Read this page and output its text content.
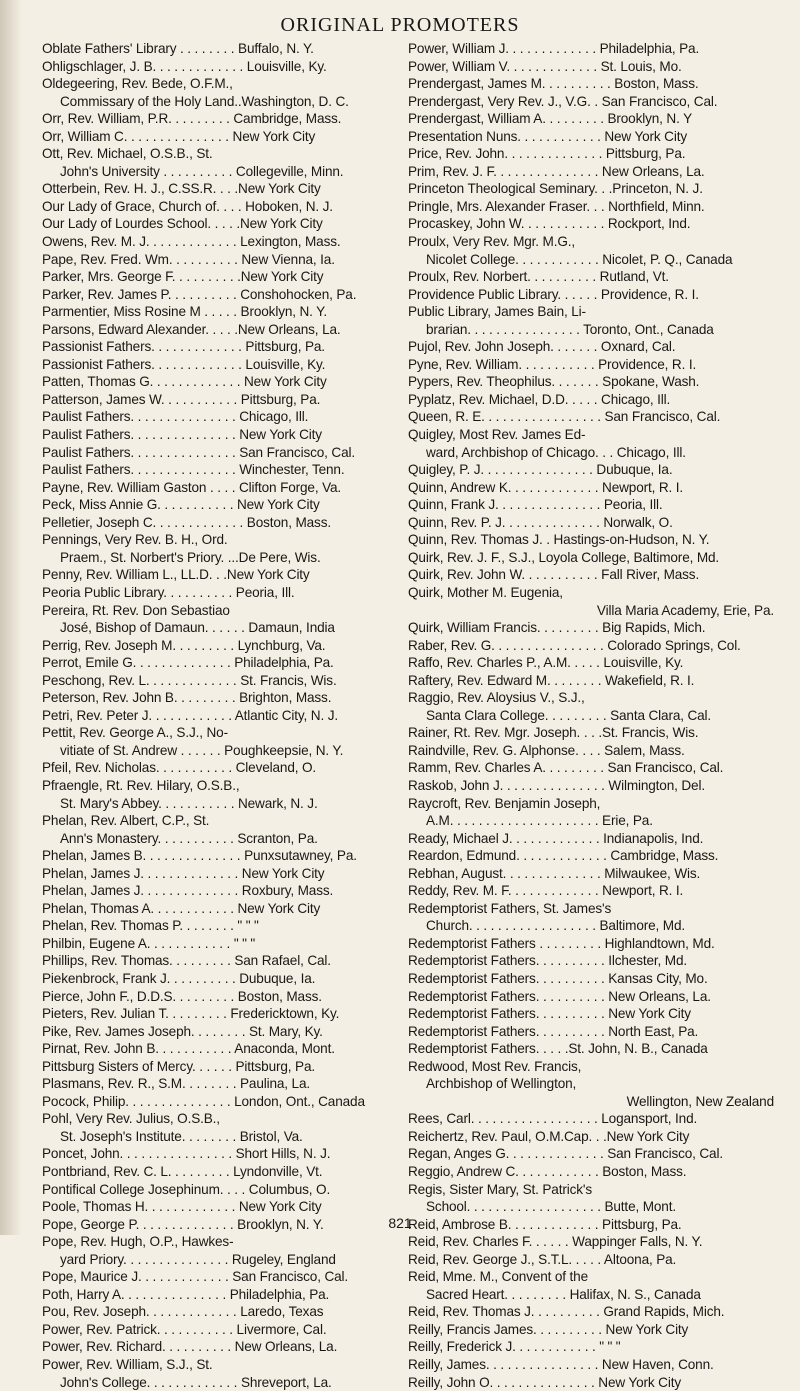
ORIGINAL PROMOTERS
Oblate Fathers' Library . . . . . . . . Buffalo, N. Y.
Ohligschlager, J. B. . . . . . . . . . . . . Louisville, Ky.
Oldegeering, Rev. Bede, O.F.M.,
Commissary of the Holy Land..Washington, D. C.
Orr, Rev. William, P.R. . . . . . . . . Cambridge, Mass.
Orr, William C. . . . . . . . . . . . . . . New York City
Ott, Rev. Michael, O.S.B., St.
John's University . . . . . . . . . . Collegeville, Minn.
Otterbein, Rev. H. J., C.SS.R. . . .New York City
Our Lady of Grace, Church of. . . . Hoboken, N. J.
Our Lady of Lourdes School. . . . .New York City
Owens, Rev. M. J. . . . . . . . . . . . . Lexington, Mass.
Pape, Rev. Fred. Wm. . . . . . . . . . New Vienna, Ia.
Parker, Mrs. George F. . . . . . . . . .New York City
Parker, Rev. James P. . . . . . . . . . Conshohocken, Pa.
Parmentier, Miss Rosine M . . . . . Brooklyn, N. Y.
Parsons, Edward Alexander. . . . .New Orleans, La.
Passionist Fathers. . . . . . . . . . . . . Pittsburg, Pa.
Passionist Fathers. . . . . . . . . . . . . Louisville, Ky.
Patten, Thomas G. . . . . . . . . . . . . New York City
Patterson, James W. . . . . . . . . . . Pittsburg, Pa.
Paulist Fathers. . . . . . . . . . . . . . . Chicago, Ill.
Paulist Fathers. . . . . . . . . . . . . . . New York City
Paulist Fathers. . . . . . . . . . . . . . . San Francisco, Cal.
Paulist Fathers. . . . . . . . . . . . . . . Winchester, Tenn.
Payne, Rev. William Gaston . . . . Clifton Forge, Va.
Peck, Miss Annie G. . . . . . . . . . . New York City
Pelletier, Joseph C. . . . . . . . . . . . . Boston, Mass.
Pennings, Very Rev. B. H., Ord.
Praem., St. Norbert's Priory. ...De Pere, Wis.
Penny, Rev. William L., LL.D. . .New York City
Peoria Public Library. . . . . . . . . . Peoria, Ill.
Pereira, Rt. Rev. Don Sebastiao
José, Bishop of Damaun. . . . . . Damaun, India
Perrig, Rev. Joseph M. . . . . . . . . Lynchburg, Va.
Perrot, Emile G. . . . . . . . . . . . . . Philadelphia, Pa.
Peschong, Rev. L. . . . . . . . . . . . . St. Francis, Wis.
Peterson, Rev. John B. . . . . . . . . Brighton, Mass.
Petri, Rev. Peter J. . . . . . . . . . . . Atlantic City, N. J.
Pettit, Rev. George A., S.J., No-
vitiate of St. Andrew . . . . . . Poughkeepsie, N. Y.
Pfeil, Rev. Nicholas. . . . . . . . . . . Cleveland, O.
Pfraengle, Rt. Rev. Hilary, O.S.B.,
St. Mary's Abbey. . . . . . . . . . . Newark, N. J.
Phelan, Rev. Albert, C.P., St.
Ann's Monastery. . . . . . . . . . . Scranton, Pa.
Phelan, James B. . . . . . . . . . . . . . Punxsutawney, Pa.
Phelan, James J. . . . . . . . . . . . . . New York City
Phelan, James J. . . . . . . . . . . . . . Roxbury, Mass.
Phelan, Thomas A. . . . . . . . . . . . New York City
Phelan, Rev. Thomas P. . . . . . . . " " "
Philbin, Eugene A. . . . . . . . . . . . " " "
Phillips, Rev. Thomas. . . . . . . . . San Rafael, Cal.
Piekenbrock, Frank J. . . . . . . . . . Dubuque, Ia.
Pierce, John F., D.D.S. . . . . . . . . Boston, Mass.
Pieters, Rev. Julian T. . . . . . . . . Fredericktown, Ky.
Pike, Rev. James Joseph. . . . . . . . St. Mary, Ky.
Pirnat, Rev. John B. . . . . . . . . . . Anaconda, Mont.
Pittsburg Sisters of Mercy. . . . . . Pittsburg, Pa.
Plasmans, Rev. R., S.M. . . . . . . . Paulina, La.
Pocock, Philip. . . . . . . . . . . . . . . London, Ont., Canada
Pohl, Very Rev. Julius, O.S.B.,
St. Joseph's Institute. . . . . . . . Bristol, Va.
Poncet, John. . . . . . . . . . . . . . . . Short Hills, N. J.
Pontbriand, Rev. C. L. . . . . . . . . Lyndonville, Vt.
Pontifical College Josephinum. . . . Columbus, O.
Poole, Thomas H. . . . . . . . . . . . . New York City
Pope, George P. . . . . . . . . . . . . . Brooklyn, N. Y.
Pope, Rev. Hugh, O.P., Hawkes-
yard Priory. . . . . . . . . . . . . . . Rugeley, England
Pope, Maurice J. . . . . . . . . . . . . San Francisco, Cal.
Poth, Harry A. . . . . . . . . . . . . . . Philadelphia, Pa.
Pou, Rev. Joseph. . . . . . . . . . . . . Laredo, Texas
Power, Rev. Patrick. . . . . . . . . . . Livermore, Cal.
Power, Rev. Richard. . . . . . . . . . New Orleans, La.
Power, Rev. William, S.J., St.
John's College. . . . . . . . . . . . . Shreveport, La.
Power, William J. . . . . . . . . . . . . Philadelphia, Pa.
Power, William V. . . . . . . . . . . . . St. Louis, Mo.
Prendergast, James M. . . . . . . . . . Boston, Mass.
Prendergast, Very Rev. J., V.G. . San Francisco, Cal.
Prendergast, William A. . . . . . . . . Brooklyn, N. Y
Presentation Nuns. . . . . . . . . . . . New York City
Price, Rev. John. . . . . . . . . . . . . . Pittsburg, Pa.
Prim, Rev. J. F. . . . . . . . . . . . . . . New Orleans, La.
Princeton Theological Seminary. . .Princeton, N. J.
Pringle, Mrs. Alexander Fraser. . . Northfield, Minn.
Procaskey, John W. . . . . . . . . . . . Rockport, Ind.
Proulx, Very Rev. Mgr. M.G.,
Nicolet College. . . . . . . . . . . . Nicolet, P. Q., Canada
Proulx, Rev. Norbert. . . . . . . . . . Rutland, Vt.
Providence Public Library. . . . . . Providence, R. I.
Public Library, James Bain, Li-
brarian. . . . . . . . . . . . . . . . Toronto, Ont., Canada
Pujol, Rev. John Joseph. . . . . . . Oxnard, Cal.
Pyne, Rev. William. . . . . . . . . . . Providence, R. I.
Pypers, Rev. Theophilus. . . . . . . Spokane, Wash.
Pyplatz, Rev. Michael, D.D. . . . . Chicago, Ill.
Queen, R. E. . . . . . . . . . . . . . . . . San Francisco, Cal.
Quigley, Most Rev. James Ed-
ward, Archbishop of Chicago. . . Chicago, Ill.
Quigley, P. J. . . . . . . . . . . . . . . . Dubuque, Ia.
Quinn, Andrew K. . . . . . . . . . . . . Newport, R. I.
Quinn, Frank J. . . . . . . . . . . . . . . Peoria, Ill.
Quinn, Rev. P. J. . . . . . . . . . . . . . Norwalk, O.
Quinn, Rev. Thomas J. . Hastings-on-Hudson, N. Y.
Quirk, Rev. J. F., S.J., Loyola College, Baltimore, Md.
Quirk, Rev. John W. . . . . . . . . . . Fall River, Mass.
Quirk, Mother M. Eugenia,
Villa Maria Academy, Erie, Pa.
Quirk, William Francis. . . . . . . . . Big Rapids, Mich.
Raber, Rev. G. . . . . . . . . . . . . . . . Colorado Springs, Col.
Raffo, Rev. Charles P., A.M. . . . . Louisville, Ky.
Raftery, Rev. Edward M. . . . . . . . Wakefield, R. I.
Raggio, Rev. Aloysius V., S.J.,
Santa Clara College. . . . . . . . . Santa Clara, Cal.
Rainer, Rt. Rev. Mgr. Joseph. . . .St. Francis, Wis.
Raindville, Rev. G. Alphonse. . . . Salem, Mass.
Ramm, Rev. Charles A. . . . . . . . . San Francisco, Cal.
Raskob, John J. . . . . . . . . . . . . . . Wilmington, Del.
Raycroft, Rev. Benjamin Joseph,
A.M. . . . . . . . . . . . . . . . . . . . . Erie, Pa.
Ready, Michael J. . . . . . . . . . . . . Indianapolis, Ind.
Reardon, Edmund. . . . . . . . . . . . . Cambridge, Mass.
Rebhan, August. . . . . . . . . . . . . . Milwaukee, Wis.
Reddy, Rev. M. F. . . . . . . . . . . . . Newport, R. I.
Redemptorist Fathers, St. James's
Church. . . . . . . . . . . . . . . . . . Baltimore, Md.
Redemptorist Fathers . . . . . . . . . Highlandtown, Md.
Redemptorist Fathers. . . . . . . . . . Ilchester, Md.
Redemptorist Fathers. . . . . . . . . . Kansas City, Mo.
Redemptorist Fathers. . . . . . . . . . New Orleans, La.
Redemptorist Fathers. . . . . . . . . . New York City
Redemptorist Fathers. . . . . . . . . . North East, Pa.
Redemptorist Fathers. . . . .St. John, N. B., Canada
Redwood, Most Rev. Francis,
Archbishop of Wellington,
Wellington, New Zealand
Rees, Carl. . . . . . . . . . . . . . . . . . Logansport, Ind.
Reichertz, Rev. Paul, O.M.Cap. . .New York City
Regan, Anges G. . . . . . . . . . . . . . San Francisco, Cal.
Reggio, Andrew C. . . . . . . . . . . . Boston, Mass.
Regis, Sister Mary, St. Patrick's
School. . . . . . . . . . . . . . . . . . . Butte, Mont.
Reid, Ambrose B. . . . . . . . . . . . . Pittsburg, Pa.
Reid, Rev. Charles F. . . . . . Wappinger Falls, N. Y.
Reid, Rev. George J., S.T.L. . . . . Altoona, Pa.
Reid, Mme. M., Convent of the
Sacred Heart. . . . . . . . . Halifax, N. S., Canada
Reid, Rev. Thomas J. . . . . . . . . . Grand Rapids, Mich.
Reilly, Francis James. . . . . . . . . . New York City
Reilly, Frederick J. . . . . . . . . . . . " " "
Reilly, James. . . . . . . . . . . . . . . . New Haven, Conn.
Reilly, John O. . . . . . . . . . . . . . . New York City
821
